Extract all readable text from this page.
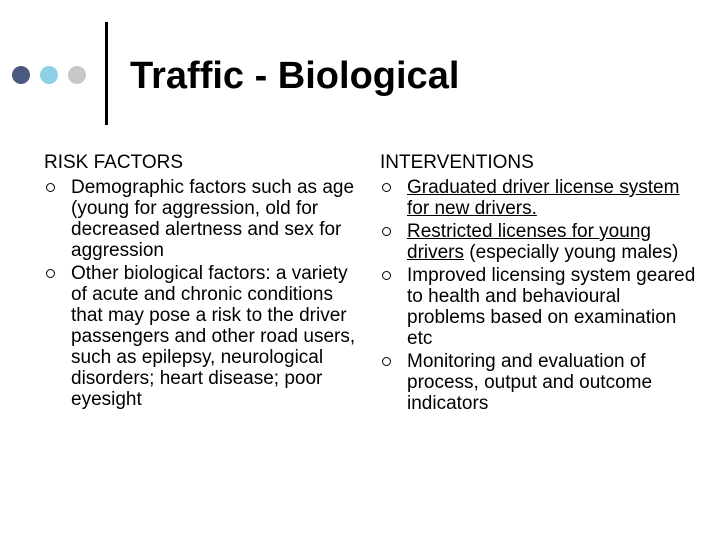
Traffic - Biological
RISK FACTORS
Demographic factors such as age (young for aggression, old for decreased alertness and sex for aggression
Other biological factors: a variety of acute and chronic conditions that may pose a risk to the driver passengers and other road users, such as epilepsy, neurological disorders; heart disease; poor eyesight
INTERVENTIONS
Graduated driver license system for new drivers.
Restricted licenses for young drivers (especially young males)
Improved licensing system geared to health and behavioural problems based on examination etc
Monitoring and evaluation of process, output and outcome indicators
